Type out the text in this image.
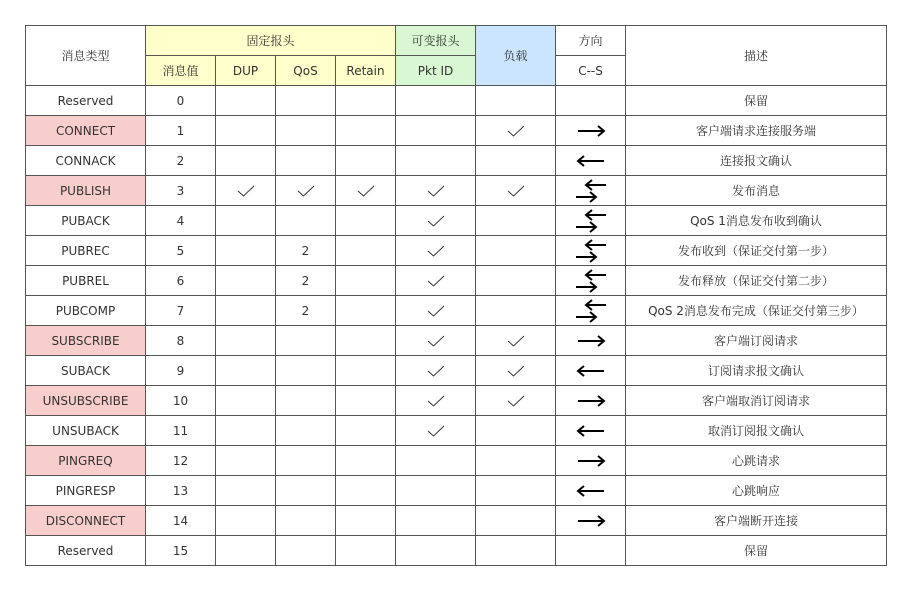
消息类型	固定报头				可变报头	负载	方向	描述
	消息值	DUP	QoS	Retain	Pkt ID		C--S	
Reserved	0							保留
CONNECT	1							客户端请求连接服务端
CONNACK	2							连接报文确认
PUBLISH	3							发布消息
PUBACK	4							QoS 1消息发布收到确认
PUBREC	5		2					发布收到（保证交付第一步）
PUBREL	6		2					发布释放（保证交付第二步）
PUBCOMP	7		2					QoS 2消息发布完成（保证交付第三步）
SUBSCRIBE	8							客户端订阅请求
SUBACK	9							订阅请求报文确认
UNSUBSCRIBE	10							客户端取消订阅请求
UNSUBACK	11							取消订阅报文确认
PINGREQ	12							心跳请求
PINGRESP	13							心跳响应
DISCONNECT	14							客户端断开连接
Reserved	15							保留
